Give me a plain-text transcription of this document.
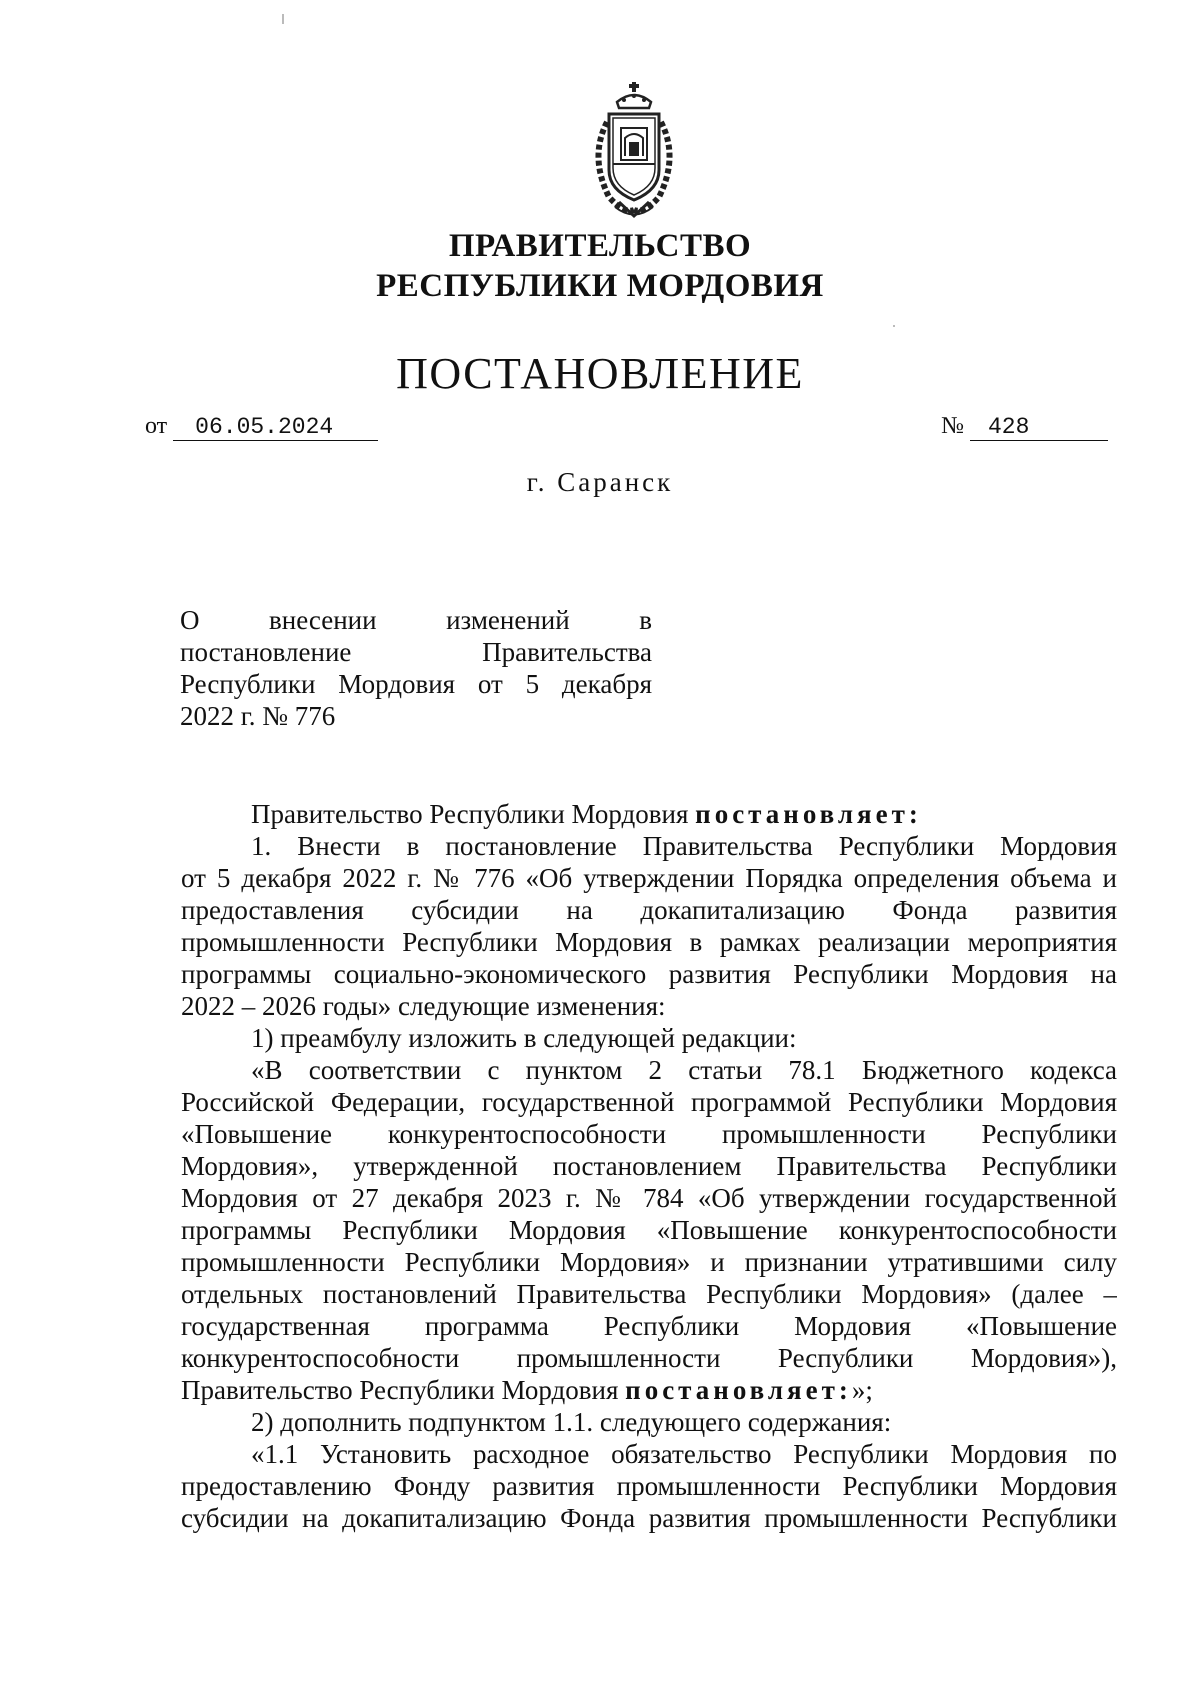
ПРАВИТЕЛЬСТВО
РЕСПУБЛИКИ МОРДОВИЯ
ПОСТАНОВЛЕНИЕ
от 06.05.2024	№ 428
г. Саранск
О внесении изменений в
постановление Правительства
Республики Мордовия от 5 декабря
2022 г. № 776
Правительство Республики Мордовия постановляет:
1. Внести в постановление Правительства Республики Мордовия
от 5 декабря 2022 г. № 776 «Об утверждении Порядка определения объема и
предоставления субсидии на докапитализацию Фонда развития
промышленности Республики Мордовия в рамках реализации мероприятия
программы социально-экономического развития Республики Мордовия на
2022 – 2026 годы» следующие изменения:
1) преамбулу изложить в следующей редакции:
«В соответствии с пунктом 2 статьи 78.1 Бюджетного кодекса
Российской Федерации, государственной программой Республики Мордовия
«Повышение конкурентоспособности промышленности Республики
Мордовия», утвержденной постановлением Правительства Республики
Мордовия от 27 декабря 2023 г. № 784 «Об утверждении государственной
программы Республики Мордовия «Повышение конкурентоспособности
промышленности Республики Мордовия» и признании утратившими силу
отдельных постановлений Правительства Республики Мордовия» (далее –
государственная программа Республики Мордовия «Повышение
конкурентоспособности промышленности Республики Мордовия»),
Правительство Республики Мордовия постановляет:»;
2) дополнить подпунктом 1.1. следующего содержания:
«1.1 Установить расходное обязательство Республики Мордовия по
предоставлению Фонду развития промышленности Республики Мордовия
субсидии на докапитализацию Фонда развития промышленности Республики
